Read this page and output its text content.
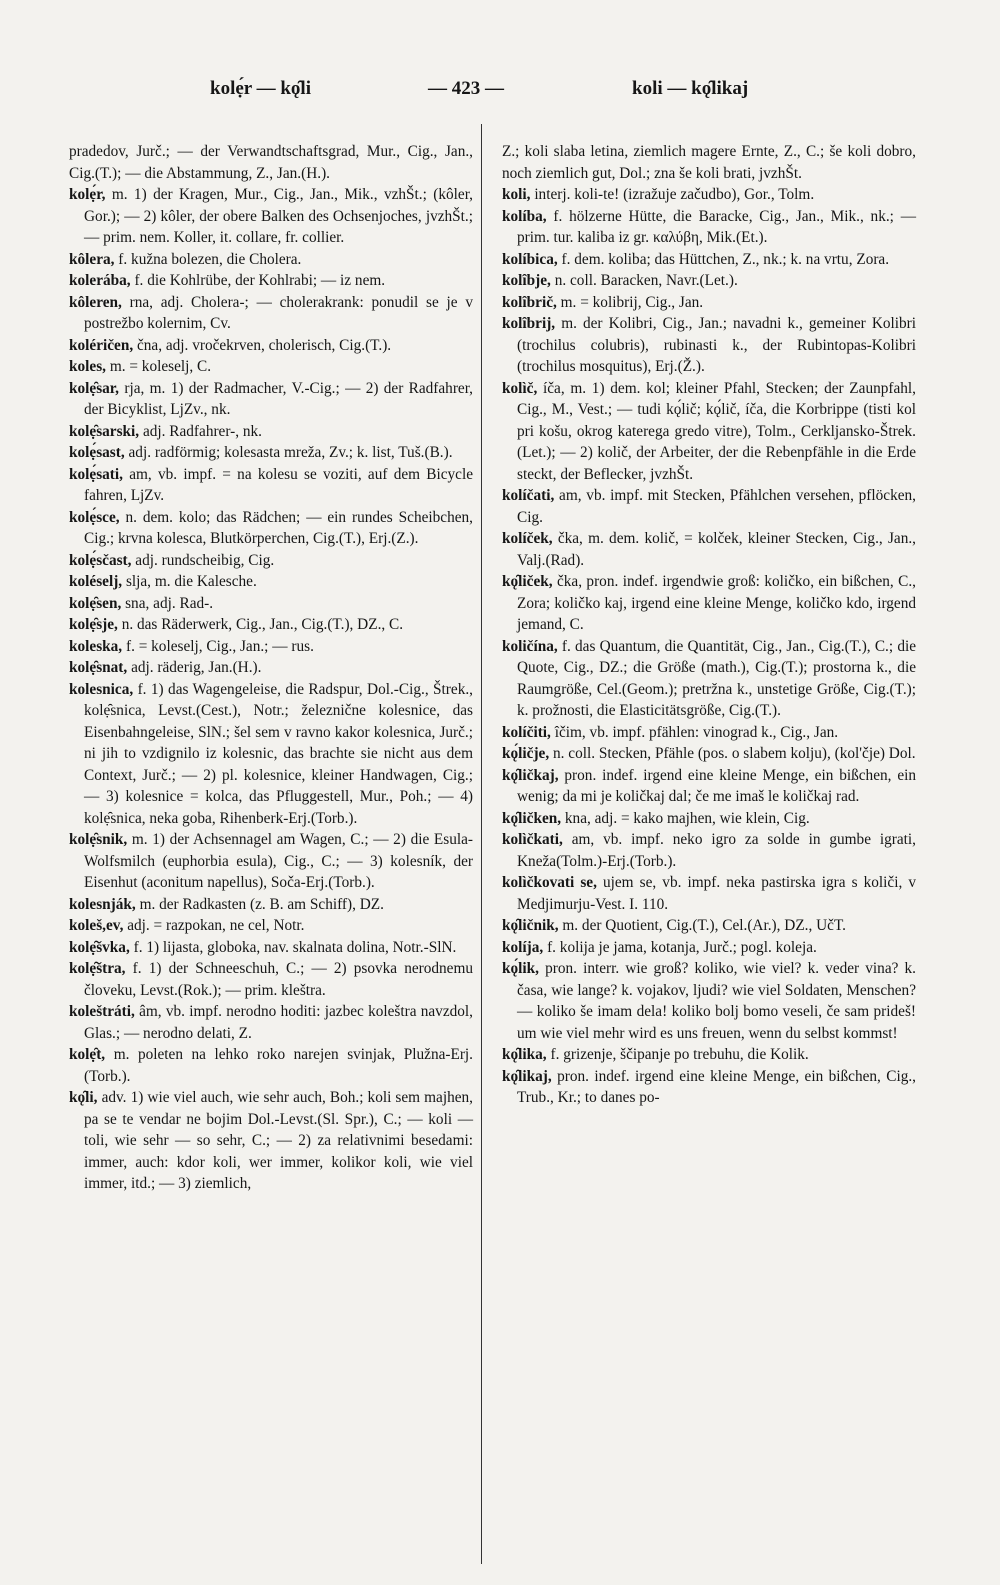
kolẹ́r — kǫ̑li	— 423 —	koli — kǫ̑likaj

pradedov, Jurč.; — der Verwandtschaftsgrad, Mur., Cig., Jan., Cig.(T.); — die Abstammung, Z., Jan.(H.).

kolẹ́r, m. 1) der Kragen, Mur., Cig., Jan., Mik., vzhŠt.; (kôler, Gor.); — 2) kôler, der obere Balken des Ochsenjoches, jvzhŠt.; — prim. nem. Koller, it. collare, fr. collier.

kôlera, f. kužna bolezen, die Cholera.

kolerába, f. die Kohlrübe, der Kohlrabi; — iz nem.

kôleren, rna, adj. Cholera-; — cholerakrank: ponudil se je v postrežbo kolernim, Cv.

koléričen, čna, adj. vročekrven, cholerisch, Cig.(T.).

koles, m. = koleselj, C.

kolẹ̑sar, rja, m. 1) der Radmacher, V.-Cig.; — 2) der Radfahrer, der Bicyklist, LjZv., nk.

kolẹ̑sarski, adj. Radfahrer-, nk.

kolẹ́sast, adj. radförmig; kolesasta mreža, Zv.; k. list, Tuš.(B.).

kolẹ́sati, am, vb. impf. = na kolesu se voziti, auf dem Bicycle fahren, LjZv.

kolẹ́sce, n. dem. kolo; das Rädchen; — ein rundes Scheibchen, Cig.; krvna kolesca, Blutkörperchen, Cig.(T.), Erj.(Z.).

kolẹ́sčast, adj. rundscheibig, Cig.

koléselj, slja, m. die Kalesche.

kolẹ̑sen, sna, adj. Rad-.

kolẹ̑sje, n. das Räderwerk, Cig., Jan., Cig.(T.), DZ., C.

koleska, f. = koleselj, Cig., Jan.; — rus.

kolẹ̑snat, adj. räderig, Jan.(H.).

kolesnica, f. 1) das Wagengeleise, die Radspur, Dol.-Cig., Štrek., kolẹ̑snica, Levst.(Cest.), Notr.; železnične kolesnice, das Eisenbahngeleise, SlN.; šel sem v ravno kakor kolesnica, Jurč.; ni jih to vzdignilo iz kolesnic, das brachte sie nicht aus dem Context, Jurč.; — 2) pl. kolesnice, kleiner Handwagen, Cig.; — 3) kolesnice = kolca, das Pfluggestell, Mur., Poh.; — 4) kolẹ̑snica, neka goba, Rihenberk-Erj.(Torb.).

kolẹ̑snik, m. 1) der Achsennagel am Wagen, C.; — 2) die Esula-Wolfsmilch (euphorbia esula), Cig., C.; — 3) kolesník, der Eisenhut (aconitum napellus), Soča-Erj.(Torb.).

kolesnják, m. der Radkasten (z. B. am Schiff), DZ.

koleš,ev, adj. = razpokan, ne cel, Notr.

kolẹ̑švka, f. 1) lijasta, globoka, nav. skalnata dolina, Notr.-SlN.

kolẹ̑štra, f. 1) der Schneeschuh, C.; — 2) psovka nerodnemu človeku, Levst.(Rok.); — prim. kleštra.

koleštráti, âm, vb. impf. nerodno hoditi: jazbec koleštra navzdol, Glas.; — nerodno delati, Z.

kolẹ̑t, m. poleten na lehko roko narejen svinjak, Plužna-Erj.(Torb.).

kǫ̑li, adv. 1) wie viel auch, wie sehr auch, Boh.; koli sem majhen, pa se te vendar ne bojim Dol.-Levst.(Sl. Spr.), C.; — koli — toli, wie sehr — so sehr, C.; — 2) za relativnimi besedami: immer, auch: kdor koli, wer immer, kolikor koli, wie viel immer, itd.; — 3) ziemlich,

Z.; koli slaba letina, ziemlich magere Ernte, Z., C.; še koli dobro, noch ziemlich gut, Dol.; zna še koli brati, jvzhŠt.

koli, interj. koli-te! (izražuje začudbo), Gor., Tolm.

kolíba, f. hölzerne Hütte, die Baracke, Cig., Jan., Mik., nk.; — prim. tur. kaliba iz gr. καλύβη, Mik.(Et.).

kolíbica, f. dem. koliba; das Hüttchen, Z., nk.; k. na vrtu, Zora.

kolîbje, n. coll. Baracken, Navr.(Let.).

kolîbrič, m. = kolibrij, Cig., Jan.

kolîbrij, m. der Kolibri, Cig., Jan.; navadni k., gemeiner Kolibri (trochilus colubris), rubinasti k., der Rubintopas-Kolibri (trochilus mosquitus), Erj.(Ž.).

kolìč, íča, m. 1) dem. kol; kleiner Pfahl, Stecken; der Zaunpfahl, Cig., M., Vest.; — tudi kǫ́lič; kǫ́lič, íča, die Korbrippe (tisti kol pri košu, okrog katerega gredo vitre), Tolm., Cerkljansko-Štrek.(Let.); — 2) količ, der Arbeiter, der die Rebenpfähle in die Erde steckt, der Beflecker, jvzhŠt.

kolíčati, am, vb. impf. mit Stecken, Pfählchen versehen, pflöcken, Cig.

kolíček, čka, m. dem. količ, = kolček, kleiner Stecken, Cig., Jan., Valj.(Rad).

kǫ̑liček, čka, pron. indef. irgendwie groß: količko, ein bißchen, C., Zora; količko kaj, irgend eine kleine Menge, količko kdo, irgend jemand, C.

količína, f. das Quantum, die Quantität, Cig., Jan., Cig.(T.), C.; die Quote, Cig., DZ.; die Größe (math.), Cig.(T.); prostorna k., die Raumgröße, Cel.(Geom.); pretržna k., unstetige Größe, Cig.(T.); k. prožnosti, die Elasticitätsgröße, Cig.(T.).

kolíčiti, îčim, vb. impf. pfählen: vinograd k., Cig., Jan.

kǫ́ličje, n. coll. Stecken, Pfähle (pos. o slabem kolju), (kol'čje) Dol.

kǫ̑ličkaj, pron. indef. irgend eine kleine Menge, ein bißchen, ein wenig; da mi je količkaj dal; če me imaš le količkaj rad.

kǫ̑ličken, kna, adj. = kako majhen, wie klein, Cig.

kolìčkati, am, vb. impf. neko igro za solde in gumbe igrati, Kneža(Tolm.)-Erj.(Torb.).

kolìčkovati se, ujem se, vb. impf. neka pastirska igra s količi, v Medjimurju-Vest. I. 110.

kǫ̑ličnik, m. der Quotient, Cig.(T.), Cel.(Ar.), DZ., UčT.

kolíja, f. kolija je jama, kotanja, Jurč.; pogl. koleja.

kǫ́lik, pron. interr. wie groß? koliko, wie viel? k. veder vina? k. časa, wie lange? k. vojakov, ljudi? wie viel Soldaten, Menschen? — koliko še imam dela! koliko bolj bomo veseli, če sam prideš! um wie viel mehr wird es uns freuen, wenn du selbst kommst!

kǫ̑lika, f. grizenje, ščipanje po trebuhu, die Kolik.

kǫ̑likaj, pron. indef. irgend eine kleine Menge, ein bißchen, Cig., Trub., Kr.; to danes po-
